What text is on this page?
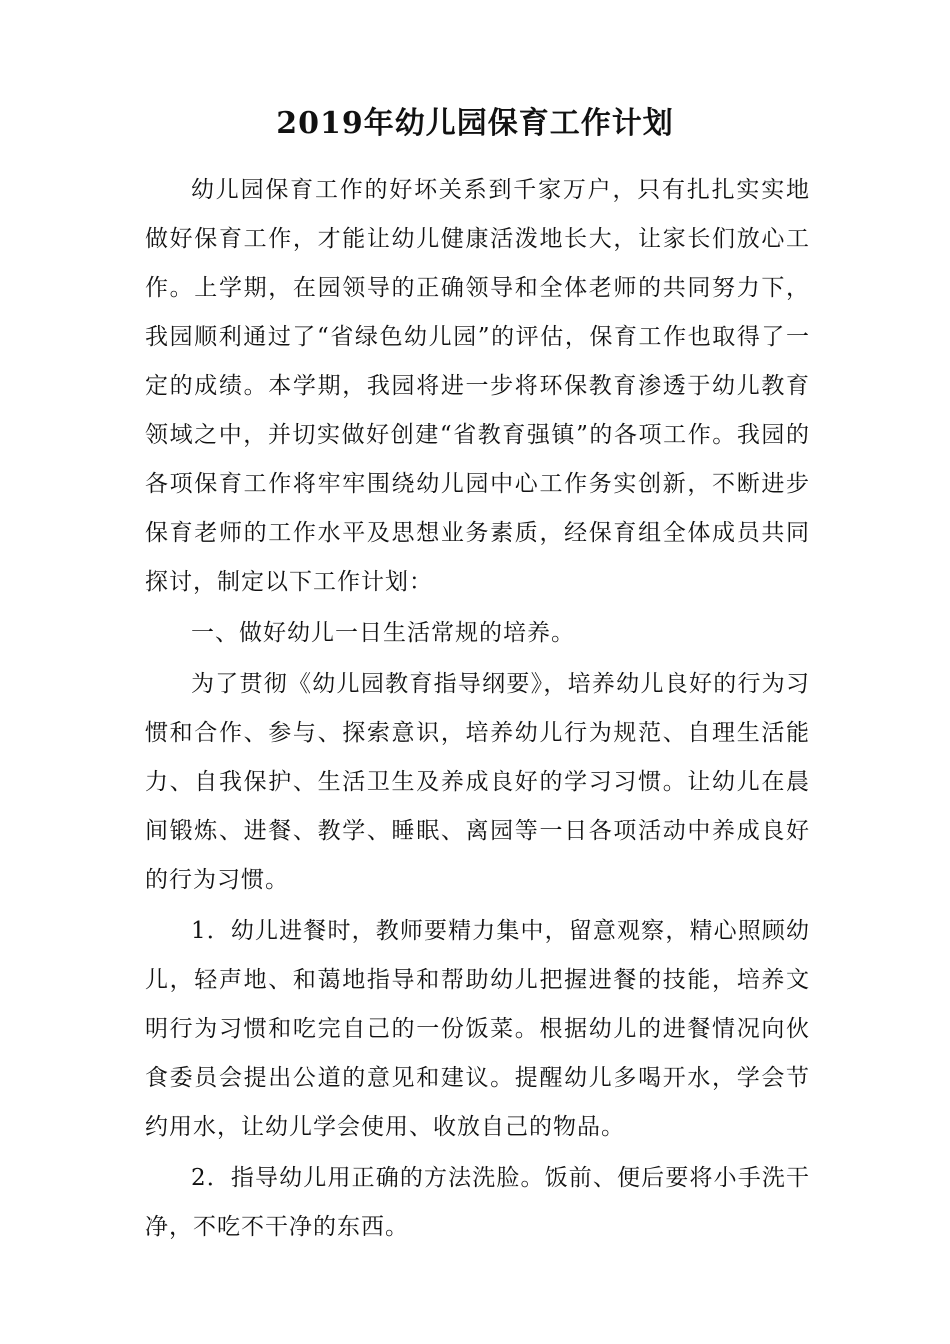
2019年幼儿园保育工作计划

幼儿园保育工作的好坏关系到千家万户，只有扎扎实实地做好保育工作，才能让幼儿健康活泼地长大，让家长们放心工作。上学期，在园领导的正确领导和全体老师的共同努力下，我园顺利通过了“省绿色幼儿园”的评估，保育工作也取得了一定的成绩。本学期，我园将进一步将环保教育渗透于幼儿教育领域之中，并切实做好创建“省教育强镇”的各项工作。我园的各项保育工作将牢牢围绕幼儿园中心工作务实创新，不断进步保育老师的工作水平及思想业务素质，经保育组全体成员共同探讨，制定以下工作计划：

一、做好幼儿一日生活常规的培养。

为了贯彻《幼儿园教育指导纲要》，培养幼儿良好的行为习惯和合作、参与、探索意识，培养幼儿行为规范、自理生活能力、自我保护、生活卫生及养成良好的学习习惯。让幼儿在晨间锻炼、进餐、教学、睡眠、离园等一日各项活动中养成良好的行为习惯。

1．幼儿进餐时，教师要精力集中，留意观察，精心照顾幼儿，轻声地、和蔼地指导和帮助幼儿把握进餐的技能，培养文明行为习惯和吃完自己的一份饭菜。根据幼儿的进餐情况向伙食委员会提出公道的意见和建议。提醒幼儿多喝开水，学会节约用水，让幼儿学会使用、收放自己的物品。

2．指导幼儿用正确的方法洗脸。饭前、便后要将小手洗干净，不吃不干净的东西。
